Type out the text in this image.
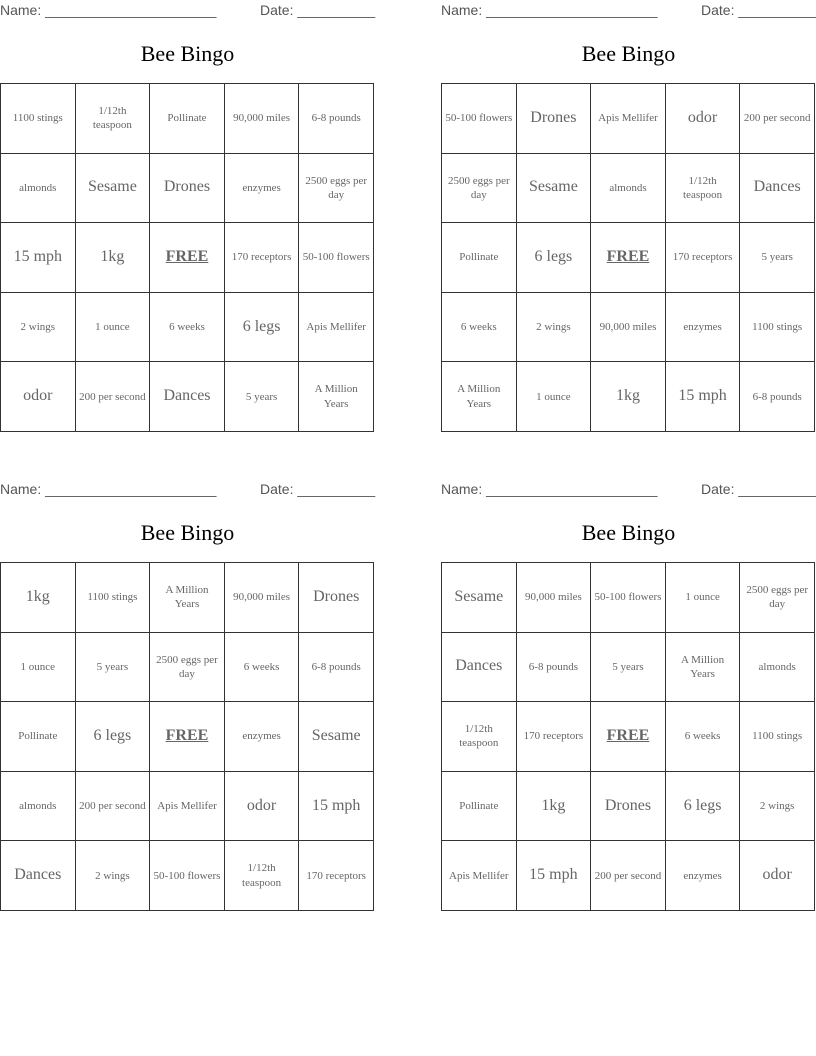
Name: ______________________	Date: __________
Bee Bingo
1100 stings	1/12th teaspoon	Pollinate	90,000 miles	6-8 pounds
almonds	Sesame	Drones	enzymes	2500 eggs per day
15 mph	1kg	FREE	170 receptors	50-100 flowers
2 wings	1 ounce	6 weeks	6 legs	Apis Mellifer
odor	200 per second	Dances	5 years	A Million Years
Name: ______________________	Date: __________
Bee Bingo
50-100 flowers	Drones	Apis Mellifer	odor	200 per second
2500 eggs per day	Sesame	almonds	1/12th teaspoon	Dances
Pollinate	6 legs	FREE	170 receptors	5 years
6 weeks	2 wings	90,000 miles	enzymes	1100 stings
A Million Years	1 ounce	1kg	15 mph	6-8 pounds
Name: ______________________	Date: __________
Bee Bingo
1kg	1100 stings	A Million Years	90,000 miles	Drones
1 ounce	5 years	2500 eggs per day	6 weeks	6-8 pounds
Pollinate	6 legs	FREE	enzymes	Sesame
almonds	200 per second	Apis Mellifer	odor	15 mph
Dances	2 wings	50-100 flowers	1/12th teaspoon	170 receptors
Name: ______________________	Date: __________
Bee Bingo
Sesame	90,000 miles	50-100 flowers	1 ounce	2500 eggs per day
Dances	6-8 pounds	5 years	A Million Years	almonds
1/12th teaspoon	170 receptors	FREE	6 weeks	1100 stings
Pollinate	1kg	Drones	6 legs	2 wings
Apis Mellifer	15 mph	200 per second	enzymes	odor
